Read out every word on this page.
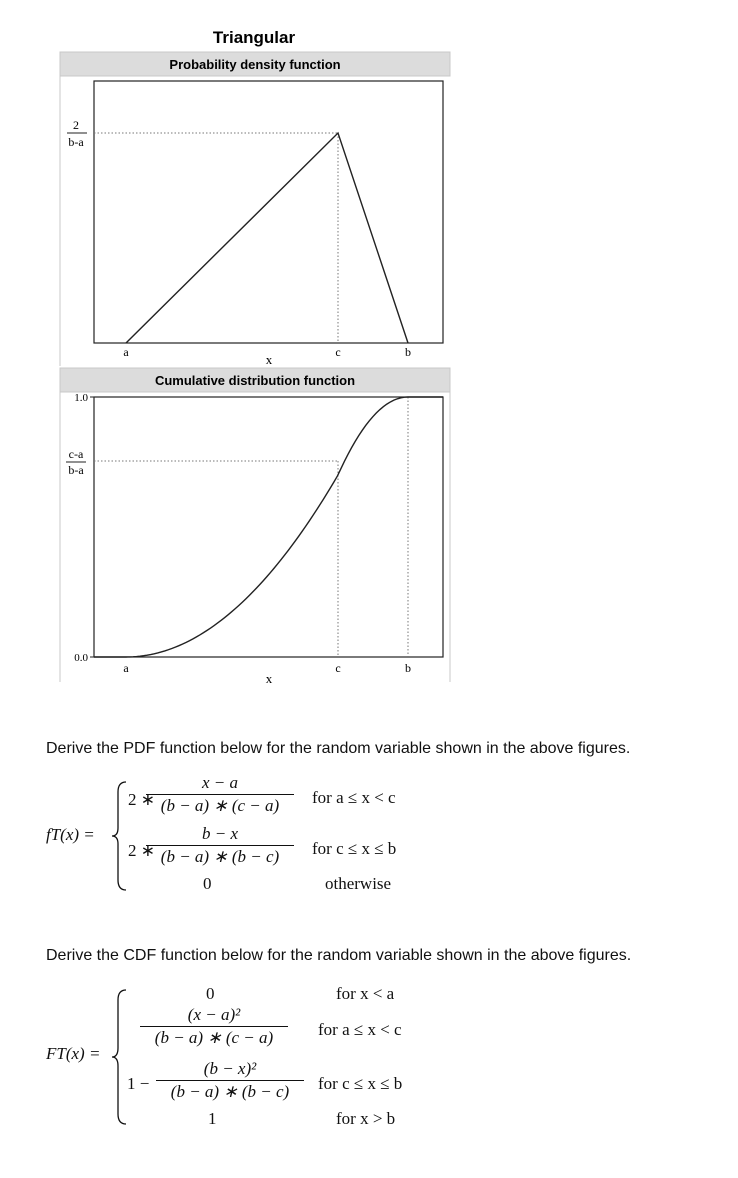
Triangular
Probability density function
2
b-a
a	c	b
x
Cumulative distribution function
1.0
c-a
b-a
0.0
a	c	b
x
Derive the PDF function below for the random variable shown in the above figures.
fT(x) =
2 ∗
$\frac{x - a}{(b - a) ∗ (c - a)}$ for a ≤ x < c
2 ∗
$\frac{b - x}{(b - a) ∗ (b - c)}$ for c ≤ x ≤ b
0	otherwise
Derive the CDF function below for the random variable shown in the above figures.
FT(x) =
0	for x < a
$\frac{\text{(x − a)²}}{(b - a) ∗ (c - a)}$ for a ≤ x < c
$1 - \frac{\text{(b − x)²}}{(b - a) ∗ (b - c)}$ for c ≤ x ≤ b
1	for x > b
